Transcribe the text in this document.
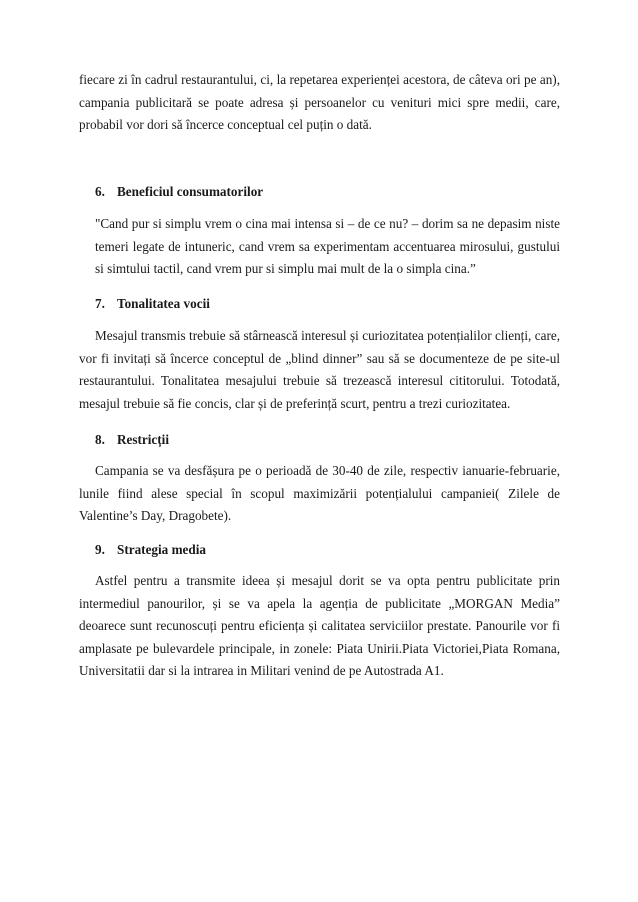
fiecare zi în cadrul restaurantului, ci, la repetarea experienței acestora, de câteva ori pe an), campania publicitară se poate adresa și persoanelor cu venituri mici spre medii, care, probabil vor dori să încerce conceptual cel puțin o dată.

6. Beneficiul consumatorilor

"Cand pur si simplu vrem o cina mai intensa si – de ce nu? – dorim sa ne depasim niste temeri legate de intuneric, cand vrem sa experimentam accentuarea mirosului, gustului si simtului tactil, cand vrem pur si simplu mai mult de la o simpla cina.”

7. Tonalitatea vocii

Mesajul transmis trebuie să stârnească interesul și curiozitatea potențialilor clienți, care, vor fi invitați să încerce conceptul de „blind dinner” sau să se documenteze de pe site-ul restaurantului. Tonalitatea mesajului trebuie să trezească interesul cititorului. Totodată, mesajul trebuie să fie concis, clar și de preferință scurt, pentru a trezi curiozitatea.

8. Restricții

Campania se va desfășura pe o perioadă de 30-40 de zile, respectiv ianuarie-februarie, lunile fiind alese special în scopul maximizării potențialului campaniei( Zilele de Valentine’s Day, Dragobete).

9. Strategia media

Astfel pentru a transmite ideea și mesajul dorit se va opta pentru publicitate prin intermediul panourilor, și se va apela la agenția de publicitate „MORGAN Media” deoarece sunt recunoscuți pentru eficiența și calitatea serviciilor prestate. Panourile vor fi amplasate pe bulevardele principale, in zonele: Piata Unirii.Piata Victoriei,Piata Romana, Universitatii dar si la intrarea in Militari venind de pe Autostrada A1.
